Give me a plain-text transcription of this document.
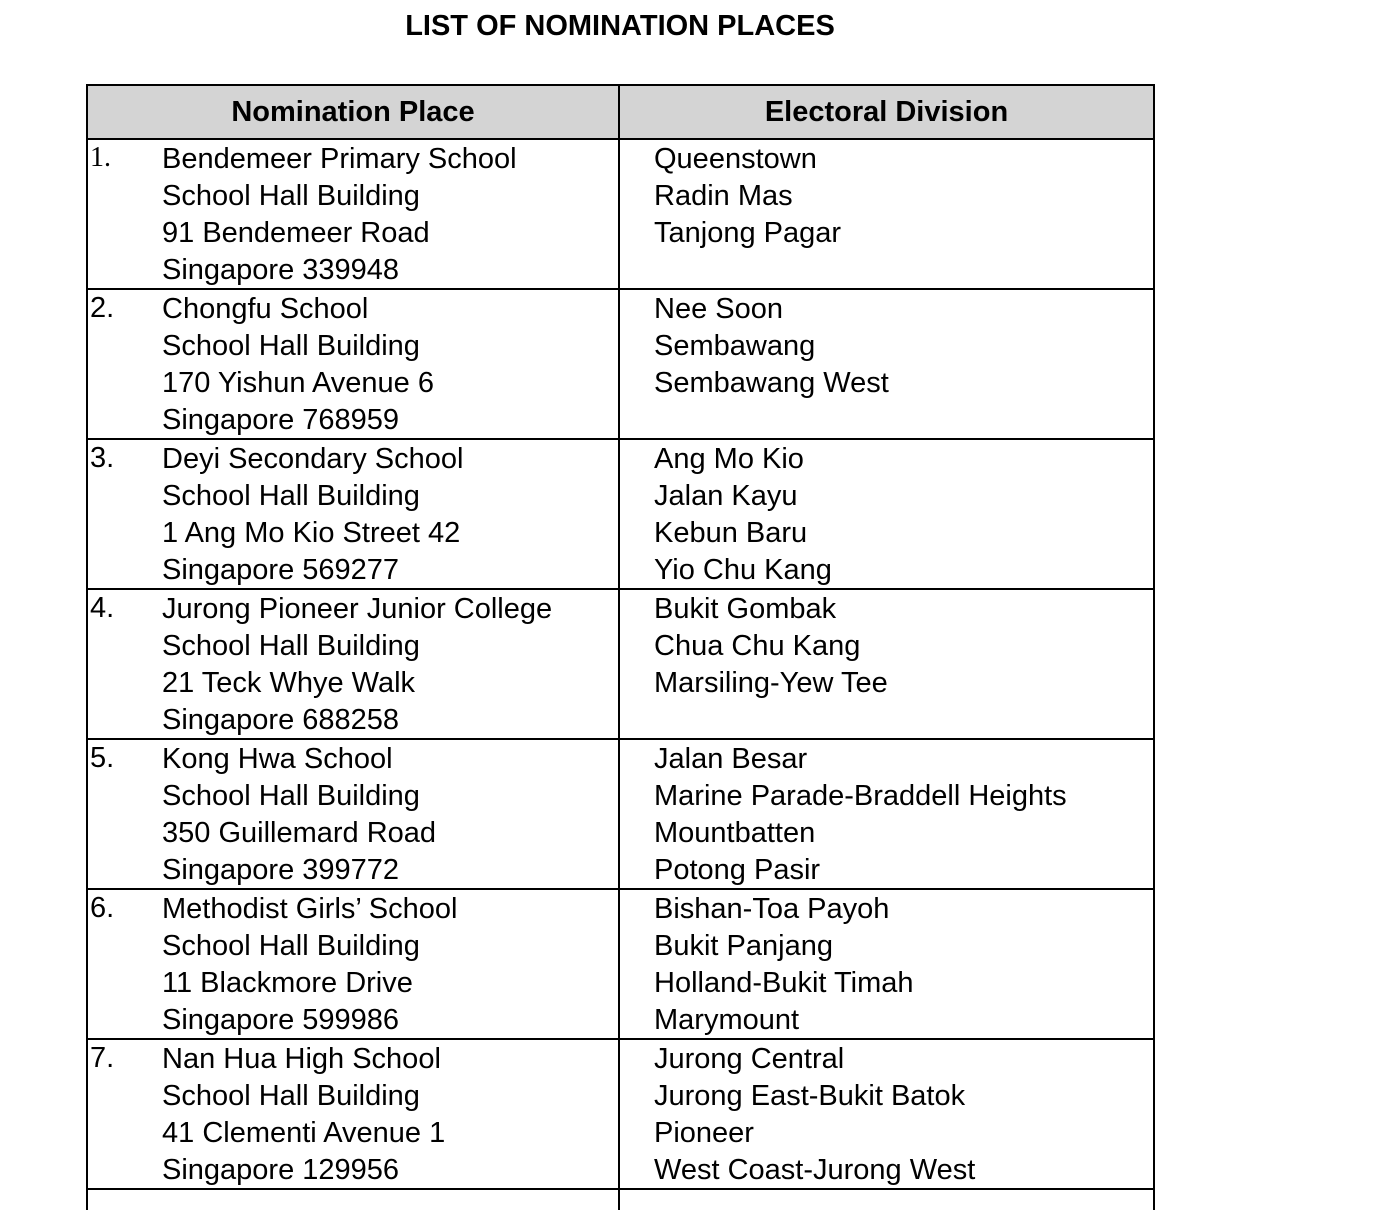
LIST OF NOMINATION PLACES
Nomination Place	Electoral Division
1. Bendemeer Primary School
School Hall Building
91 Bendemeer Road
Singapore 339948
Queenstown
Radin Mas
Tanjong Pagar
2. Chongfu School
School Hall Building
170 Yishun Avenue 6
Singapore 768959
Nee Soon
Sembawang
Sembawang West
3. Deyi Secondary School
School Hall Building
1 Ang Mo Kio Street 42
Singapore 569277
Ang Mo Kio
Jalan Kayu
Kebun Baru
Yio Chu Kang
4. Jurong Pioneer Junior College
School Hall Building
21 Teck Whye Walk
Singapore 688258
Bukit Gombak
Chua Chu Kang
Marsiling-Yew Tee
5. Kong Hwa School
School Hall Building
350 Guillemard Road
Singapore 399772
Jalan Besar
Marine Parade-Braddell Heights
Mountbatten
Potong Pasir
6. Methodist Girls’ School
School Hall Building
11 Blackmore Drive
Singapore 599986
Bishan-Toa Payoh
Bukit Panjang
Holland-Bukit Timah
Marymount
7. Nan Hua High School
School Hall Building
41 Clementi Avenue 1
Singapore 129956
Jurong Central
Jurong East-Bukit Batok
Pioneer
West Coast-Jurong West
